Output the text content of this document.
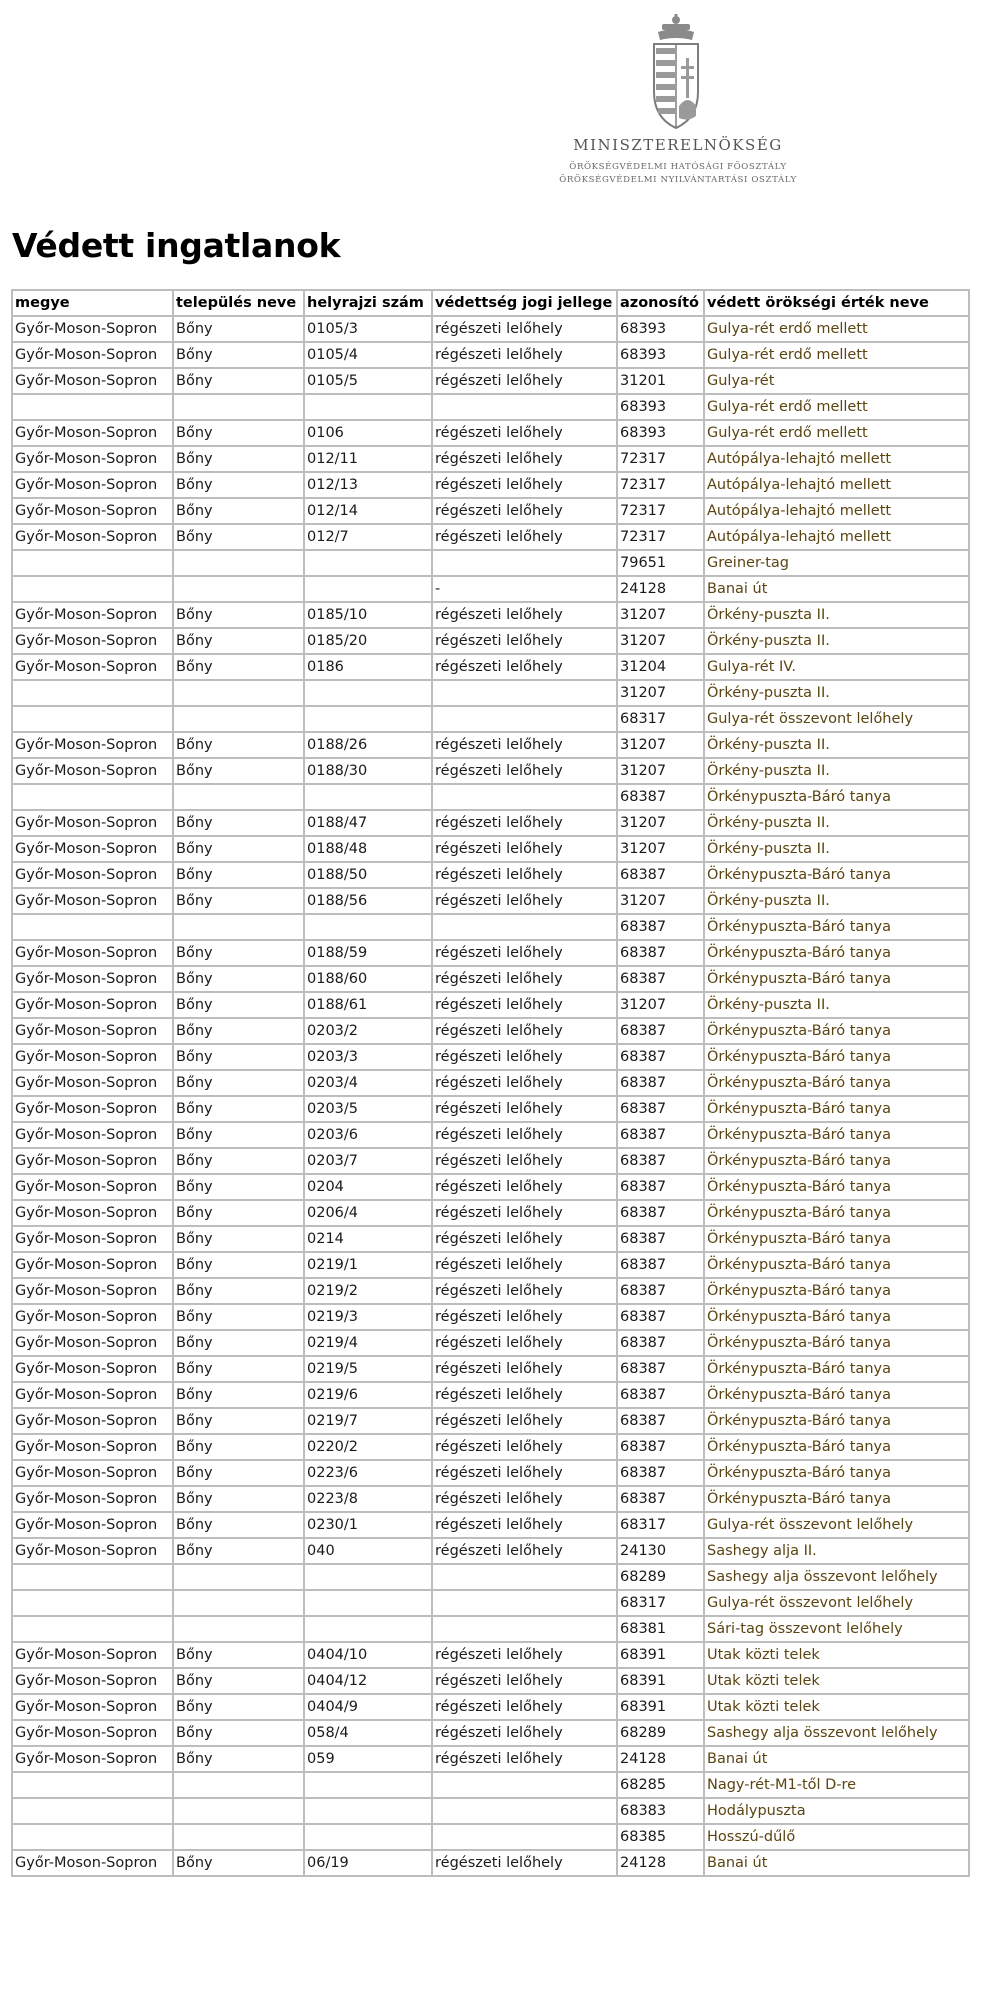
MINISZTERELNÖKSÉG
ÖRÖKSÉGVÉDELMI HATÓSÁGI FŐOSZTÁLY
ÖRÖKSÉGVÉDELMI NYILVÁNTARTÁSI OSZTÁLY
Védett ingatlanok
megye	település neve	helyrajzi szám	védettség jogi jellege	azonosító	védett örökségi érték neve
Győr-Moson-Sopron	Bőny	0105/3	régészeti lelőhely	68393	Gulya-rét erdő mellett
Győr-Moson-Sopron	Bőny	0105/4	régészeti lelőhely	68393	Gulya-rét erdő mellett
Győr-Moson-Sopron	Bőny	0105/5	régészeti lelőhely	31201	Gulya-rét
				68393	Gulya-rét erdő mellett
Győr-Moson-Sopron	Bőny	0106	régészeti lelőhely	68393	Gulya-rét erdő mellett
Győr-Moson-Sopron	Bőny	012/11	régészeti lelőhely	72317	Autópálya-lehajtó mellett
Győr-Moson-Sopron	Bőny	012/13	régészeti lelőhely	72317	Autópálya-lehajtó mellett
Győr-Moson-Sopron	Bőny	012/14	régészeti lelőhely	72317	Autópálya-lehajtó mellett
Győr-Moson-Sopron	Bőny	012/7	régészeti lelőhely	72317	Autópálya-lehajtó mellett
				79651	Greiner-tag
			-	24128	Banai út
Győr-Moson-Sopron	Bőny	0185/10	régészeti lelőhely	31207	Örkény-puszta II.
Győr-Moson-Sopron	Bőny	0185/20	régészeti lelőhely	31207	Örkény-puszta II.
Győr-Moson-Sopron	Bőny	0186	régészeti lelőhely	31204	Gulya-rét IV.
				31207	Örkény-puszta II.
				68317	Gulya-rét összevont lelőhely
Győr-Moson-Sopron	Bőny	0188/26	régészeti lelőhely	31207	Örkény-puszta II.
Győr-Moson-Sopron	Bőny	0188/30	régészeti lelőhely	31207	Örkény-puszta II.
				68387	Örkénypuszta-Báró tanya
Győr-Moson-Sopron	Bőny	0188/47	régészeti lelőhely	31207	Örkény-puszta II.
Győr-Moson-Sopron	Bőny	0188/48	régészeti lelőhely	31207	Örkény-puszta II.
Győr-Moson-Sopron	Bőny	0188/50	régészeti lelőhely	68387	Örkénypuszta-Báró tanya
Győr-Moson-Sopron	Bőny	0188/56	régészeti lelőhely	31207	Örkény-puszta II.
				68387	Örkénypuszta-Báró tanya
Győr-Moson-Sopron	Bőny	0188/59	régészeti lelőhely	68387	Örkénypuszta-Báró tanya
Győr-Moson-Sopron	Bőny	0188/60	régészeti lelőhely	68387	Örkénypuszta-Báró tanya
Győr-Moson-Sopron	Bőny	0188/61	régészeti lelőhely	31207	Örkény-puszta II.
Győr-Moson-Sopron	Bőny	0203/2	régészeti lelőhely	68387	Örkénypuszta-Báró tanya
Győr-Moson-Sopron	Bőny	0203/3	régészeti lelőhely	68387	Örkénypuszta-Báró tanya
Győr-Moson-Sopron	Bőny	0203/4	régészeti lelőhely	68387	Örkénypuszta-Báró tanya
Győr-Moson-Sopron	Bőny	0203/5	régészeti lelőhely	68387	Örkénypuszta-Báró tanya
Győr-Moson-Sopron	Bőny	0203/6	régészeti lelőhely	68387	Örkénypuszta-Báró tanya
Győr-Moson-Sopron	Bőny	0203/7	régészeti lelőhely	68387	Örkénypuszta-Báró tanya
Győr-Moson-Sopron	Bőny	0204	régészeti lelőhely	68387	Örkénypuszta-Báró tanya
Győr-Moson-Sopron	Bőny	0206/4	régészeti lelőhely	68387	Örkénypuszta-Báró tanya
Győr-Moson-Sopron	Bőny	0214	régészeti lelőhely	68387	Örkénypuszta-Báró tanya
Győr-Moson-Sopron	Bőny	0219/1	régészeti lelőhely	68387	Örkénypuszta-Báró tanya
Győr-Moson-Sopron	Bőny	0219/2	régészeti lelőhely	68387	Örkénypuszta-Báró tanya
Győr-Moson-Sopron	Bőny	0219/3	régészeti lelőhely	68387	Örkénypuszta-Báró tanya
Győr-Moson-Sopron	Bőny	0219/4	régészeti lelőhely	68387	Örkénypuszta-Báró tanya
Győr-Moson-Sopron	Bőny	0219/5	régészeti lelőhely	68387	Örkénypuszta-Báró tanya
Győr-Moson-Sopron	Bőny	0219/6	régészeti lelőhely	68387	Örkénypuszta-Báró tanya
Győr-Moson-Sopron	Bőny	0219/7	régészeti lelőhely	68387	Örkénypuszta-Báró tanya
Győr-Moson-Sopron	Bőny	0220/2	régészeti lelőhely	68387	Örkénypuszta-Báró tanya
Győr-Moson-Sopron	Bőny	0223/6	régészeti lelőhely	68387	Örkénypuszta-Báró tanya
Győr-Moson-Sopron	Bőny	0223/8	régészeti lelőhely	68387	Örkénypuszta-Báró tanya
Győr-Moson-Sopron	Bőny	0230/1	régészeti lelőhely	68317	Gulya-rét összevont lelőhely
Győr-Moson-Sopron	Bőny	040	régészeti lelőhely	24130	Sashegy alja II.
				68289	Sashegy alja összevont lelőhely
				68317	Gulya-rét összevont lelőhely
				68381	Sári-tag összevont lelőhely
Győr-Moson-Sopron	Bőny	0404/10	régészeti lelőhely	68391	Utak közti telek
Győr-Moson-Sopron	Bőny	0404/12	régészeti lelőhely	68391	Utak közti telek
Győr-Moson-Sopron	Bőny	0404/9	régészeti lelőhely	68391	Utak közti telek
Győr-Moson-Sopron	Bőny	058/4	régészeti lelőhely	68289	Sashegy alja összevont lelőhely
Győr-Moson-Sopron	Bőny	059	régészeti lelőhely	24128	Banai út
				68285	Nagy-rét-M1-től D-re
				68383	Hodálypuszta
				68385	Hosszú-dűlő
Győr-Moson-Sopron	Bőny	06/19	régészeti lelőhely	24128	Banai út
